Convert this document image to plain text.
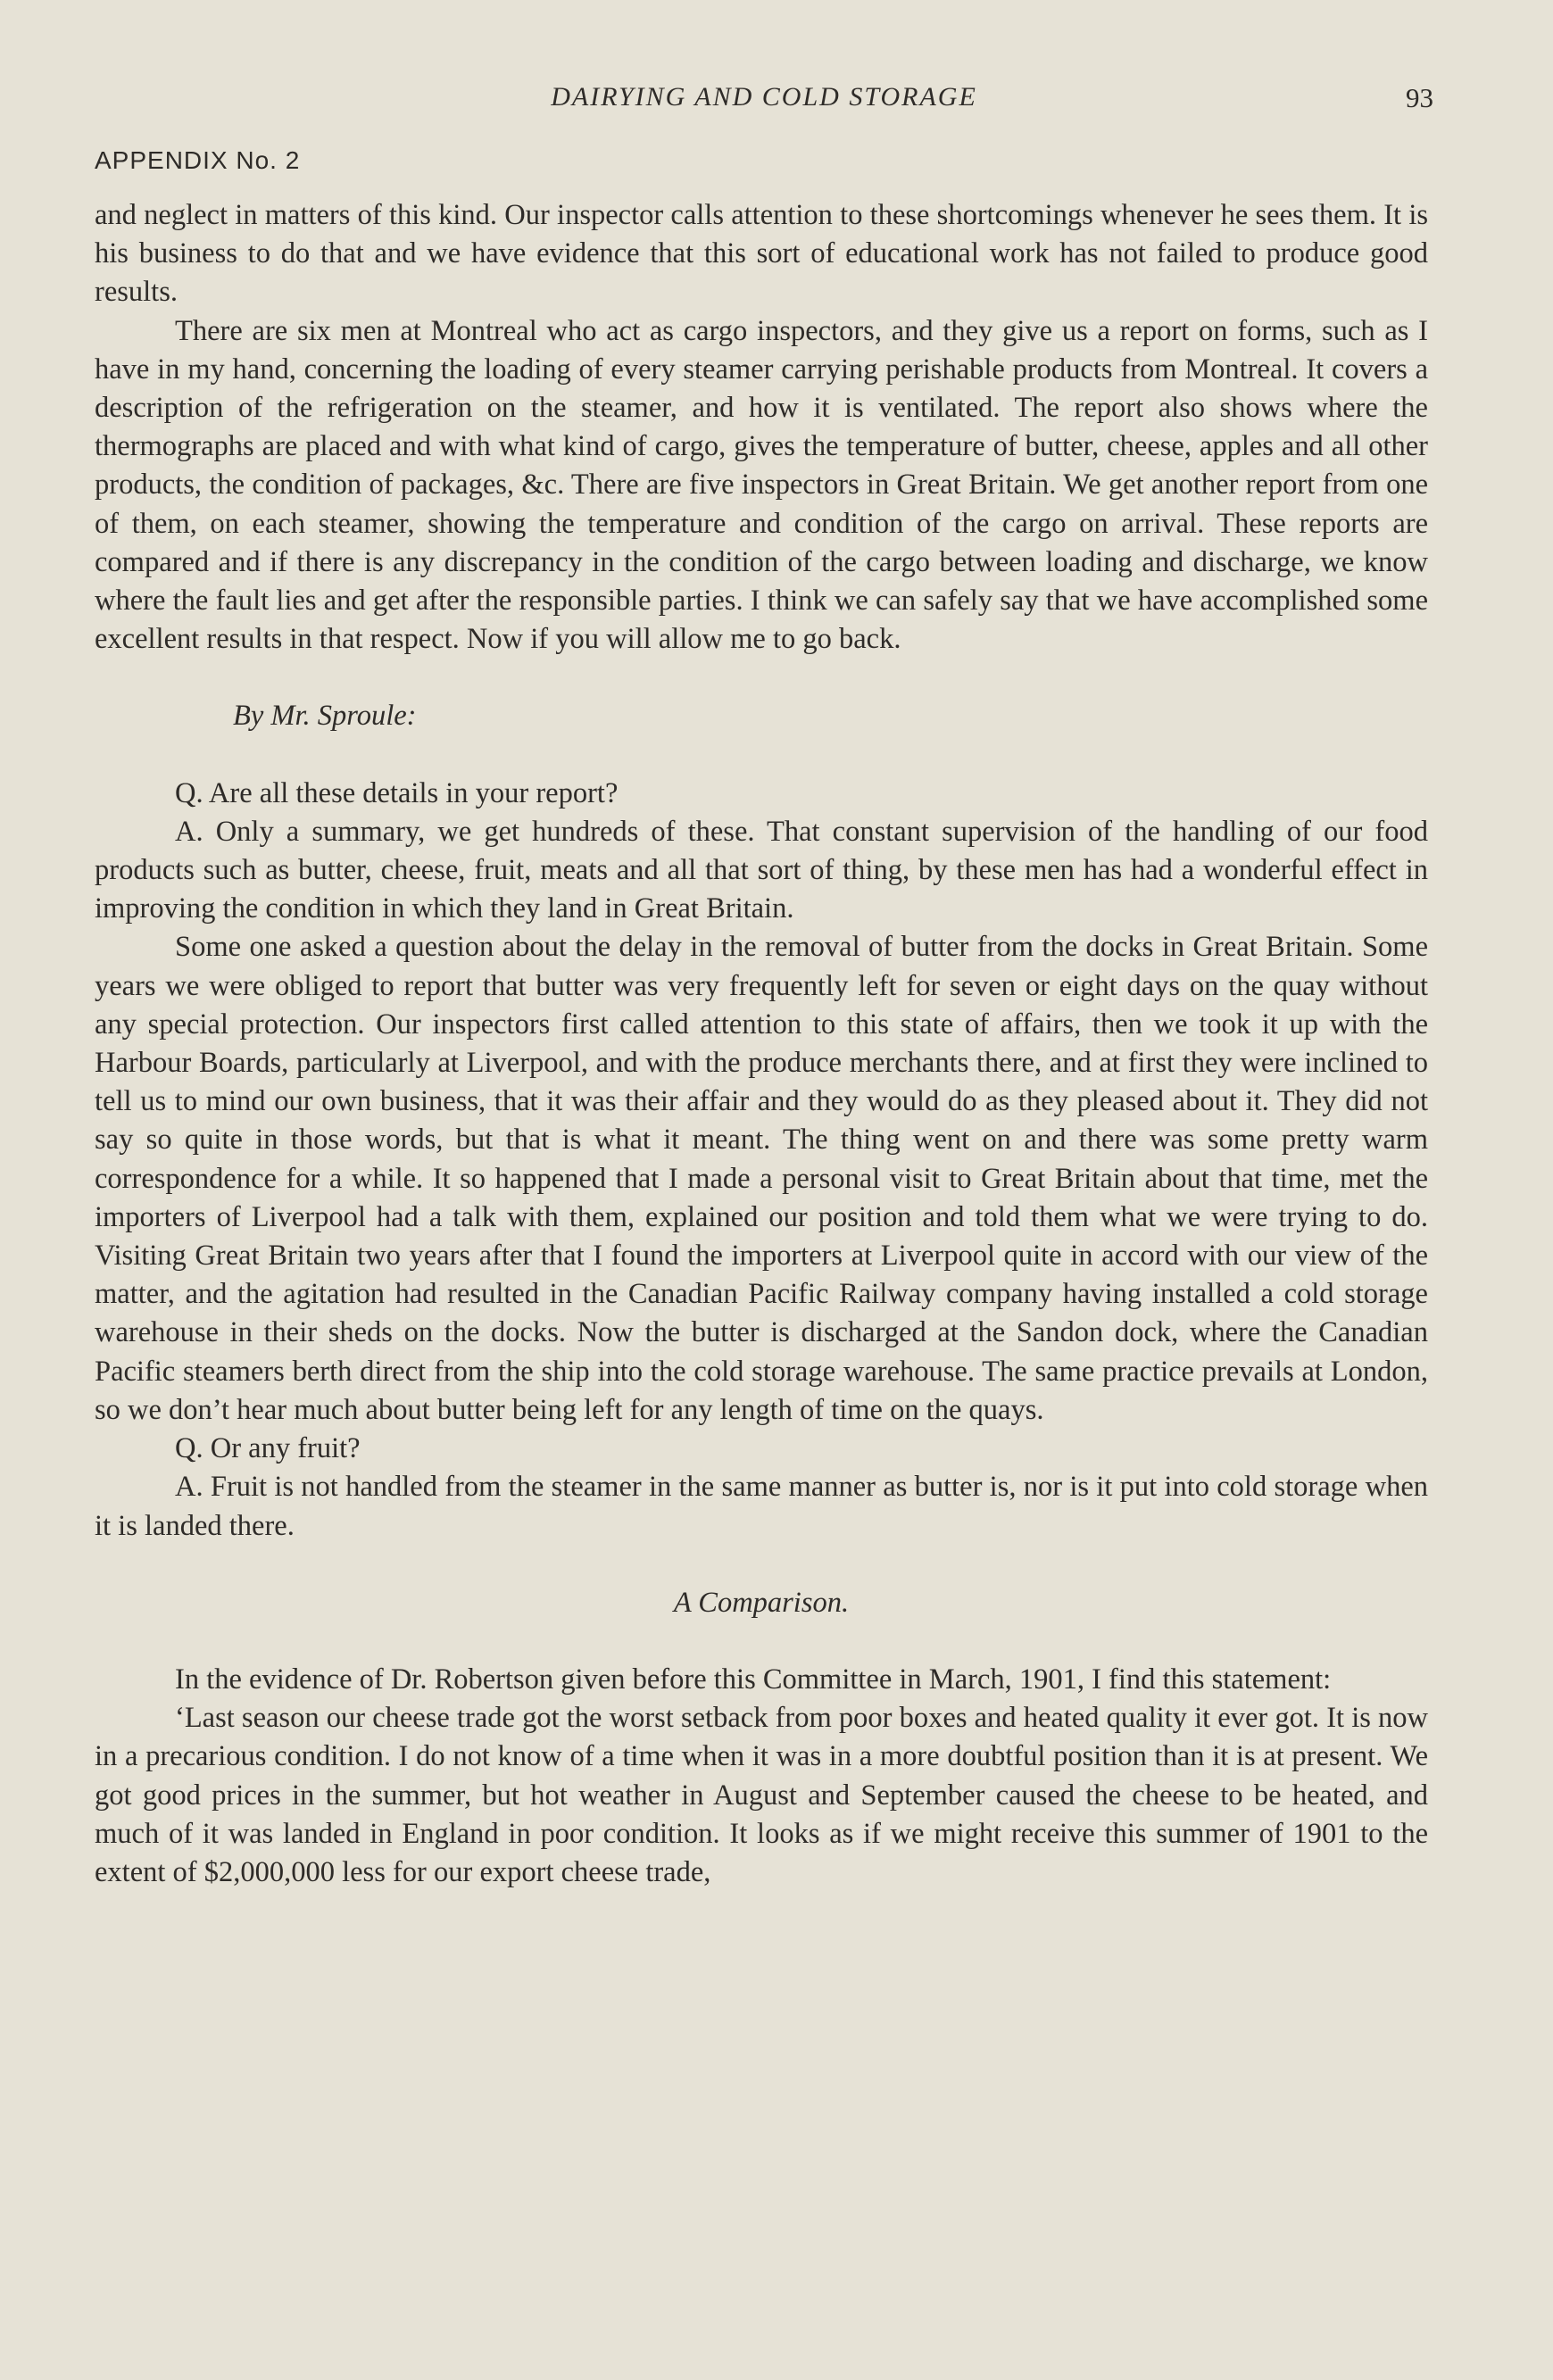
DAIRYING AND COLD STORAGE	93
APPENDIX No. 2

and neglect in matters of this kind. Our inspector calls attention to these shortcomings whenever he sees them. It is his business to do that and we have evidence that this sort of educational work has not failed to produce good results.

There are six men at Montreal who act as cargo inspectors, and they give us a report on forms, such as I have in my hand, concerning the loading of every steamer carrying perishable products from Montreal. It covers a description of the refrigeration on the steamer, and how it is ventilated. The report also shows where the thermographs are placed and with what kind of cargo, gives the temperature of butter, cheese, apples and all other products, the condition of packages, &c. There are five inspectors in Great Britain. We get another report from one of them, on each steamer, showing the temperature and condition of the cargo on arrival. These reports are compared and if there is any discrepancy in the condition of the cargo between loading and discharge, we know where the fault lies and get after the responsible parties. I think we can safely say that we have accomplished some excellent results in that respect. Now if you will allow me to go back.

By Mr. Sproule:

Q. Are all these details in your report?

A. Only a summary, we get hundreds of these. That constant supervision of the handling of our food products such as butter, cheese, fruit, meats and all that sort of thing, by these men has had a wonderful effect in improving the condition in which they land in Great Britain.

Some one asked a question about the delay in the removal of butter from the docks in Great Britain. Some years we were obliged to report that butter was very frequently left for seven or eight days on the quay without any special protection. Our inspectors first called attention to this state of affairs, then we took it up with the Harbour Boards, particularly at Liverpool, and with the produce merchants there, and at first they were inclined to tell us to mind our own business, that it was their affair and they would do as they pleased about it. They did not say so quite in those words, but that is what it meant. The thing went on and there was some pretty warm correspondence for a while. It so happened that I made a personal visit to Great Britain about that time, met the importers of Liverpool had a talk with them, explained our position and told them what we were trying to do. Visiting Great Britain two years after that I found the importers at Liverpool quite in accord with our view of the matter, and the agitation had resulted in the Canadian Pacific Railway company having installed a cold storage warehouse in their sheds on the docks. Now the butter is discharged at the Sandon dock, where the Canadian Pacific steamers berth direct from the ship into the cold storage warehouse. The same practice prevails at London, so we don’t hear much about butter being left for any length of time on the quays.

Q. Or any fruit?

A. Fruit is not handled from the steamer in the same manner as butter is, nor is it put into cold storage when it is landed there.

A Comparison.

In the evidence of Dr. Robertson given before this Committee in March, 1901, I find this statement:

‘Last season our cheese trade got the worst setback from poor boxes and heated quality it ever got. It is now in a precarious condition. I do not know of a time when it was in a more doubtful position than it is at present. We got good prices in the summer, but hot weather in August and September caused the cheese to be heated, and much of it was landed in England in poor condition. It looks as if we might receive this summer of 1901 to the extent of $2,000,000 less for our export cheese trade,
